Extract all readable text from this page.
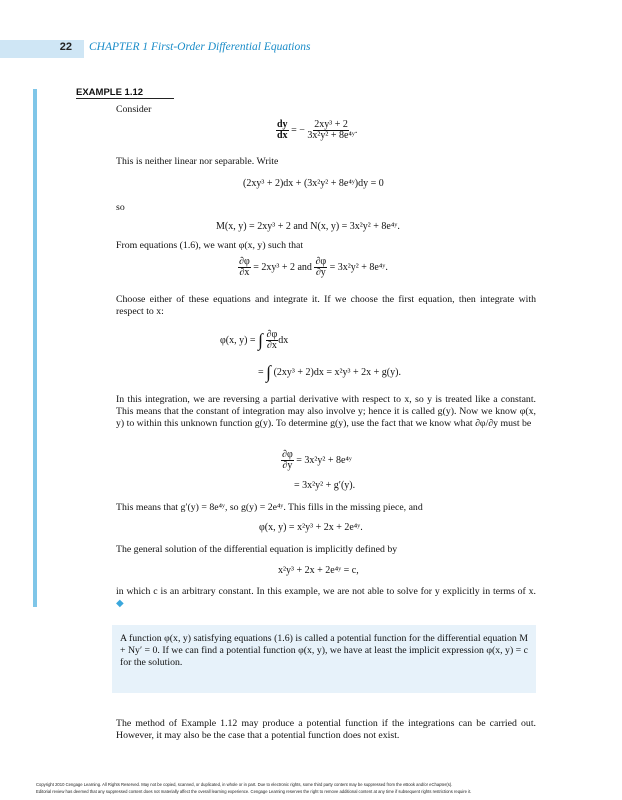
22 CHAPTER 1 First-Order Differential Equations
EXAMPLE 1.12
Consider
$\frac{dy}{dx}$ = − $\frac{\text{2xy³ + 2}}{\text{3x²y² + 8e⁴ʸ}}$ .
This is neither linear nor separable. Write
(2xy³ + 2)dx + (3x²y² + 8e⁴ʸ)dy = 0
so
M(x, y) = 2xy³ + 2 and N(x, y) = 3x²y² + 8e⁴ʸ.
From equations (1.6), we want φ(x, y) such that
$\frac{\partial\varphi}{\partial x} = 2xy^3 + 2$ and $\frac{\partial\varphi}{\partial y} = 3x^2y^2$ + 8e⁴ʸ.
Choose either of these equations and integrate it. If we choose the first equation, then integrate with respect to x:
φ(x, y) = ∫ $\frac{\partial\varphi}{\partial x}$ dx
= ∫ (2xy³ + 2)dx = x²y³ + 2x + g(y).
In this integration, we are reversing a partial derivative with respect to x, so y is treated like a constant. This means that the constant of integration may also involve y; hence it is called g(y). Now we know φ(x, y) to within this unknown function g(y). To determine g(y), use the fact that we know what ∂φ/∂y must be
$\frac{\partial\varphi}{\partial y} = 3x^2y^2$ + 8e⁴ʸ
= 3x²y² + g′(y).
This means that g′(y) = 8e⁴ʸ, so g(y) = 2e⁴ʸ. This fills in the missing piece, and
φ(x, y) = x²y³ + 2x + 2e⁴ʸ.
The general solution of the differential equation is implicitly defined by
x²y³ + 2x + 2e⁴ʸ = c,
in which c is an arbitrary constant. In this example, we are not able to solve for y explicitly in terms of x. ◆
A function φ(x, y) satisfying equations (1.6) is called a potential function for the differential equation M + Ny′ = 0. If we can find a potential function φ(x, y), we have at least the implicit expression φ(x, y) = c for the solution.
The method of Example 1.12 may produce a potential function if the integrations can be carried out. However, it may also be the case that a potential function does not exist.
Copyright 2010 Cengage Learning. All Rights Reserved. May not be copied, scanned, or duplicated, in whole or in part. Due to electronic rights, some third party content may be suppressed from the eBook and/or eChapter(s).
Editorial review has deemed that any suppressed content does not materially affect the overall learning experience. Cengage Learning reserves the right to remove additional content at any time if subsequent rights restrictions require it.
